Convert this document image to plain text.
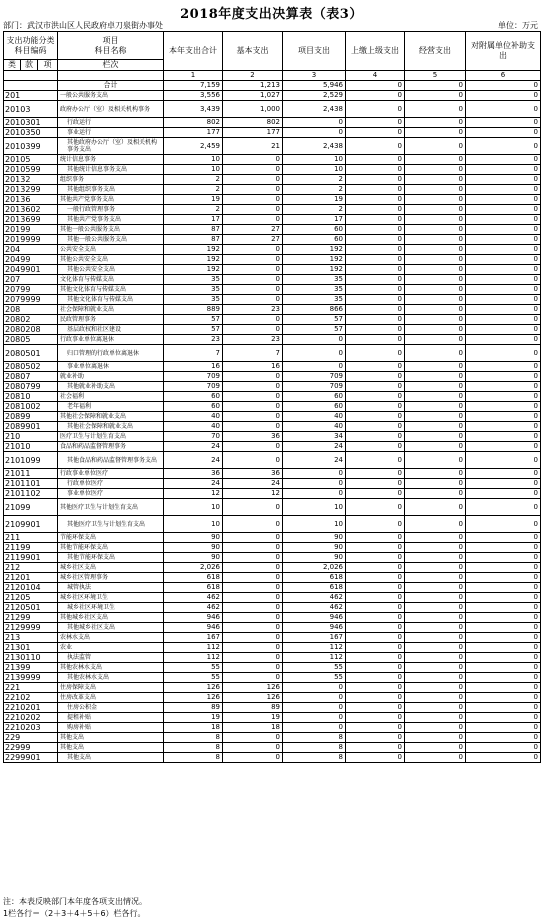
2018年度支出决算表（表3）
部门：武汉市洪山区人民政府卓刀泉街办事处	单位：万元
支出功能分类科目编码			项目
科目名称	本年支出合计	基本支出	项目支出	上缴上级支出	经营支出	对附属单位补助支出
类	款	项	栏次						
				1	2	3	4	5	6
			合计	7,159	1,213	5,946	0	0	0
201			一般公共服务支出	3,556	1,027	2,529	0	0	0
20103			政府办公厅（室）及相关机构事务	3,439	1,000	2,438	0	0	0
2010301			行政运行	802	802	0	0	0	0
2010350			事业运行	177	177	0	0	0	0
2010399			其他政府办公厅（室）及相关机构事务支出	2,459	21	2,438	0	0	0
20105			统计信息事务	10	0	10	0	0	0
2010599			其他统计信息事务支出	10	0	10	0	0	0
20132			组织事务	2	0	2	0	0	0
2013299			其他组织事务支出	2	0	2	0	0	0
20136			其他共产党事务支出	19	0	19	0	0	0
2013602			一般行政管理事务	2	0	2	0	0	0
2013699			其他共产党事务支出	17	0	17	0	0	0
20199			其他一般公共服务支出	87	27	60	0	0	0
2019999			其他一般公共服务支出	87	27	60	0	0	0
204			公共安全支出	192	0	192	0	0	0
20499			其他公共安全支出	192	0	192	0	0	0
2049901			其他公共安全支出	192	0	192	0	0	0
207			文化体育与传媒支出	35	0	35	0	0	0
20799			其他文化体育与传媒支出	35	0	35	0	0	0
2079999			其他文化体育与传媒支出	35	0	35	0	0	0
208			社会保障和就业支出	889	23	866	0	0	0
20802			民政管理事务	57	0	57	0	0	0
2080208			基层政权和社区建设	57	0	57	0	0	0
20805			行政事业单位离退休	23	23	0	0	0	0
2080501			归口管理的行政单位离退休	7	7	0	0	0	0
2080502			事业单位离退休	16	16	0	0	0	0
20807			就业补助	709	0	709	0	0	0
2080799			其他就业补助支出	709	0	709	0	0	0
20810			社会福利	60	0	60	0	0	0
2081002			老年福利	60	0	60	0	0	0
20899			其他社会保障和就业支出	40	0	40	0	0	0
2089901			其他社会保障和就业支出	40	0	40	0	0	0
210			医疗卫生与计划生育支出	70	36	34	0	0	0
21010			食品和药品监督管理事务	24	0	24	0	0	0
2101099			其他食品和药品监督管理事务支出	24	0	24	0	0	0
21011			行政事业单位医疗	36	36	0	0	0	0
2101101			行政单位医疗	24	24	0	0	0	0
2101102			事业单位医疗	12	12	0	0	0	0
21099			其他医疗卫生与计划生育支出	10	0	10	0	0	0
2109901			其他医疗卫生与计划生育支出	10	0	10	0	0	0
211			节能环保支出	90	0	90	0	0	0
21199			其他节能环保支出	90	0	90	0	0	0
2119901			其他节能环保支出	90	0	90	0	0	0
212			城乡社区支出	2,026	0	2,026	0	0	0
21201			城乡社区管理事务	618	0	618	0	0	0
2120104			城管执法	618	0	618	0	0	0
21205			城乡社区环境卫生	462	0	462	0	0	0
2120501			城乡社区环境卫生	462	0	462	0	0	0
21299			其他城乡社区支出	946	0	946	0	0	0
2129999			其他城乡社区支出	946	0	946	0	0	0
213			农林水支出	167	0	167	0	0	0
21301			农业	112	0	112	0	0	0
2130110			执法监管	112	0	112	0	0	0
21399			其他农林水支出	55	0	55	0	0	0
2139999			其他农林水支出	55	0	55	0	0	0
221			住房保障支出	126	126	0	0	0	0
22102			住房改革支出	126	126	0	0	0	0
2210201			住房公积金	89	89	0	0	0	0
2210202			提租补贴	19	19	0	0	0	0
2210203			购房补贴	18	18	0	0	0	0
229			其他支出	8	0	8	0	0	0
22999			其他支出	8	0	8	0	0	0
2299901			其他支出	8	0	8	0	0	0
注：本表反映部门本年度各项支出情况。
1栏各行＝（2＋3＋4＋5＋6）栏各行。
